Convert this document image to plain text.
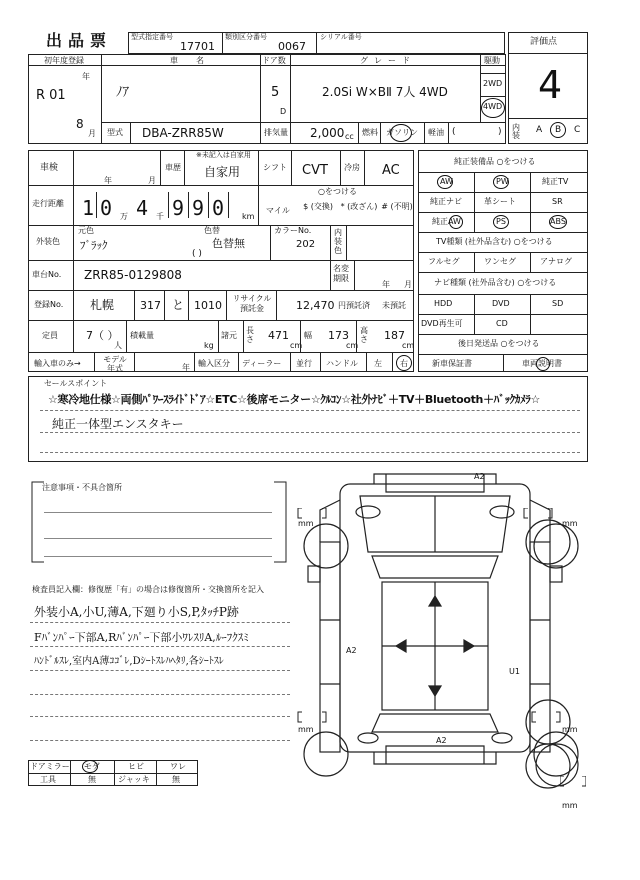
出品票	型式指定番号
17701
類別区分番号
0067
シリアル番号	評価点
4
内装
A B C
初年度登録
R 01
年
8
月
車名
ﾉｱ
ドア数
5
D
グレード
2.0Si W×BⅡ 7人 4WD
駆動
2WD
4WD
型式 DBA-ZRR85W	排気量 2,000 cc 燃料 ガソリン 軽油 (	)
車検
年	月
車歴
※未記入は自家用
自家用	シフト CVT 冷房 AC
走行距離 1 0 万 4 千 9 9 0 km
○をつける
マイル	$ (交換) * (改ざん) # (不明)
外装色
元色
ﾌﾞﾗｯｸ
色替
色替無
( )
カラーNo.
202
内装色
車台No. ZRR85-0129808	名変期限
年 月
登録No. 札幌 317 と 1010
リサイクル預託金	12,470 円預託済 未預託
定員	7（ ）
人
積載量
kg
諸元
長さ 471
cm
幅 173
cm
高さ 187
cm
輸入車のみ→	モデル年式	年 輸入区分 ディーラー 並行 ハンドル 左 右
純正装備品 ○をつける
AW	PW	純正TV
純正ナビ	革シート	SR
純正AW	PS	ABS
TV種類 (社外品含む) ○をつける
フルセグ	ワンセグ	アナログ
ナビ種類 (社外品含む) ○をつける
HDD	DVD	SD
DVD再生可	CD
後日発送品 ○をつける
新車保証書	車両説明書
セールスポイント
☆寒冷地仕様☆両側ﾊﾟﾜｰｽﾗｲﾄﾞﾄﾞｱ☆ETC☆後席モニター☆ｸﾙｺﾝ☆社外ﾅﾋﾞ＋TV＋Bluetooth＋ﾊﾞｯｸｶﾒﾗ☆
純正一体型エンスタキー
注意事項・不具合箇所
検査員記入欄：修復歴「有」の場合は修復箇所・交換箇所を記入
外装小A,小U,薄A,下廻り小S,P,ﾀｯﾁP跡
Fﾊﾞﾝﾊﾟｰ下部A,Rﾊﾞﾝﾊﾟｰ下部小ﾜﾚｽﾘA,ﾙｰﾌｸｽﾐ
ﾊﾝﾄﾞﾙｽﾚ,室内A薄ｺｺﾞﾚ,Dｼｰﾄｽﾚﾊﾍﾀﾘ,各ｼｰﾄｽﾚ
mm	mm
mm	mm
mm
A2
A2
U1
A2
ドアミラー モゲ	ヒビ	ワレ
工具	無	ジャッキ	無
